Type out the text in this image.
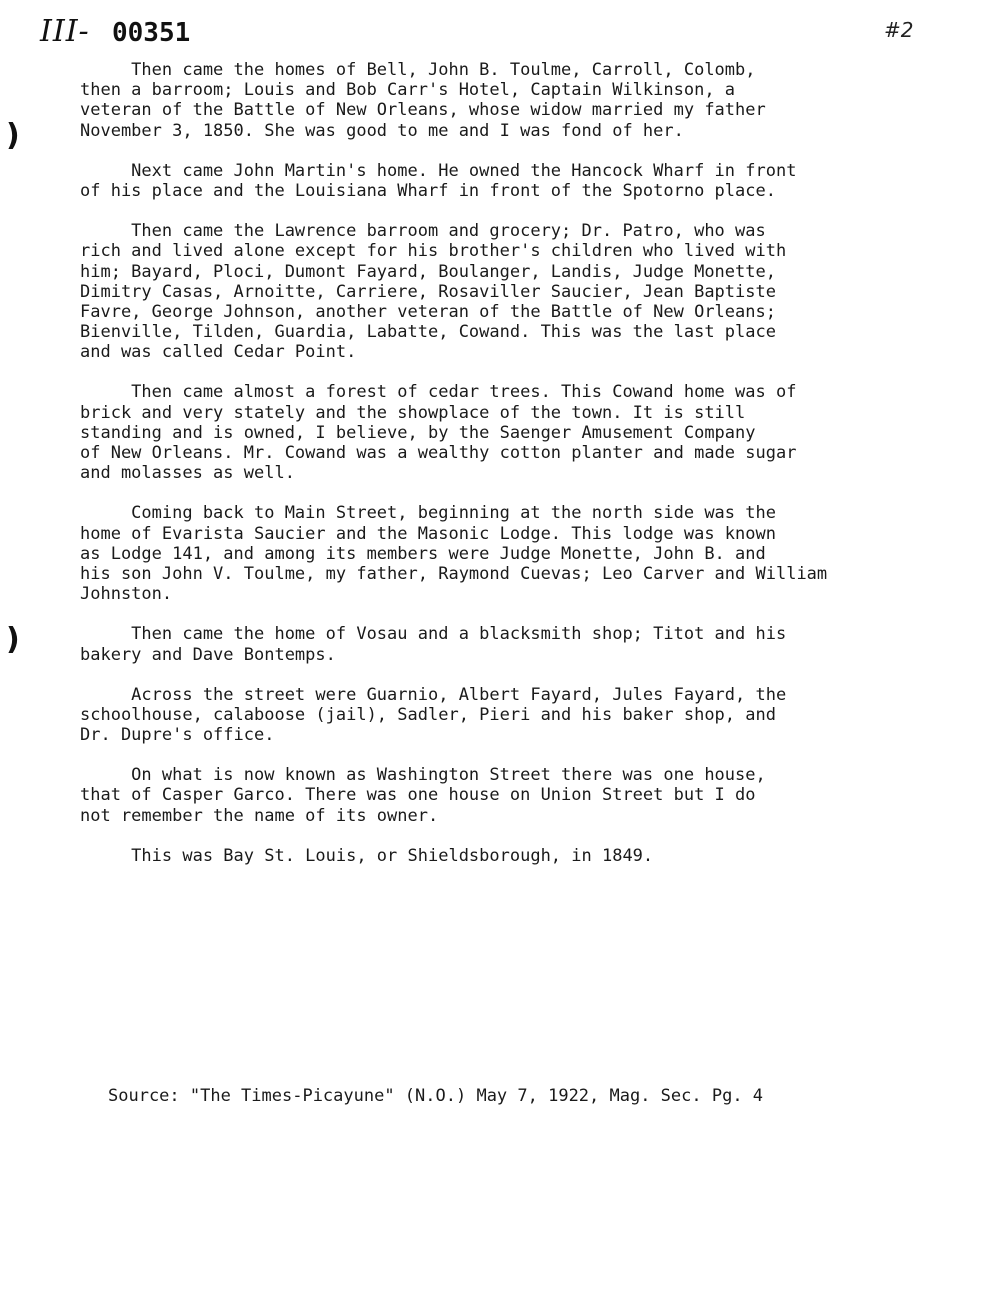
III- 00351	#2
)
)
Then came the homes of Bell, John B. Toulme, Carroll, Colomb,
then a barroom; Louis and Bob Carr's Hotel, Captain Wilkinson, a
veteran of the Battle of New Orleans, whose widow married my father
November 3, 1850. She was good to me and I was fond of her.
Next came John Martin's home. He owned the Hancock Wharf in front
of his place and the Louisiana Wharf in front of the Spotorno place.
Then came the Lawrence barroom and grocery; Dr. Patro, who was
rich and lived alone except for his brother's children who lived with
him; Bayard, Ploci, Dumont Fayard, Boulanger, Landis, Judge Monette,
Dimitry Casas, Arnoitte, Carriere, Rosaviller Saucier, Jean Baptiste
Favre, George Johnson, another veteran of the Battle of New Orleans;
Bienville, Tilden, Guardia, Labatte, Cowand. This was the last place
and was called Cedar Point.
Then came almost a forest of cedar trees. This Cowand home was of
brick and very stately and the showplace of the town. It is still
standing and is owned, I believe, by the Saenger Amusement Company
of New Orleans. Mr. Cowand was a wealthy cotton planter and made sugar
and molasses as well.
Coming back to Main Street, beginning at the north side was the
home of Evarista Saucier and the Masonic Lodge. This lodge was known
as Lodge 141, and among its members were Judge Monette, John B. and
his son John V. Toulme, my father, Raymond Cuevas; Leo Carver and William
Johnston.
Then came the home of Vosau and a blacksmith shop; Titot and his
bakery and Dave Bontemps.
Across the street were Guarnio, Albert Fayard, Jules Fayard, the
schoolhouse, calaboose (jail), Sadler, Pieri and his baker shop, and
Dr. Dupre's office.
On what is now known as Washington Street there was one house,
that of Casper Garco. There was one house on Union Street but I do
not remember the name of its owner.
This was Bay St. Louis, or Shieldsborough, in 1849.
Source: "The Times-Picayune" (N.O.) May 7, 1922, Mag. Sec. Pg. 4
